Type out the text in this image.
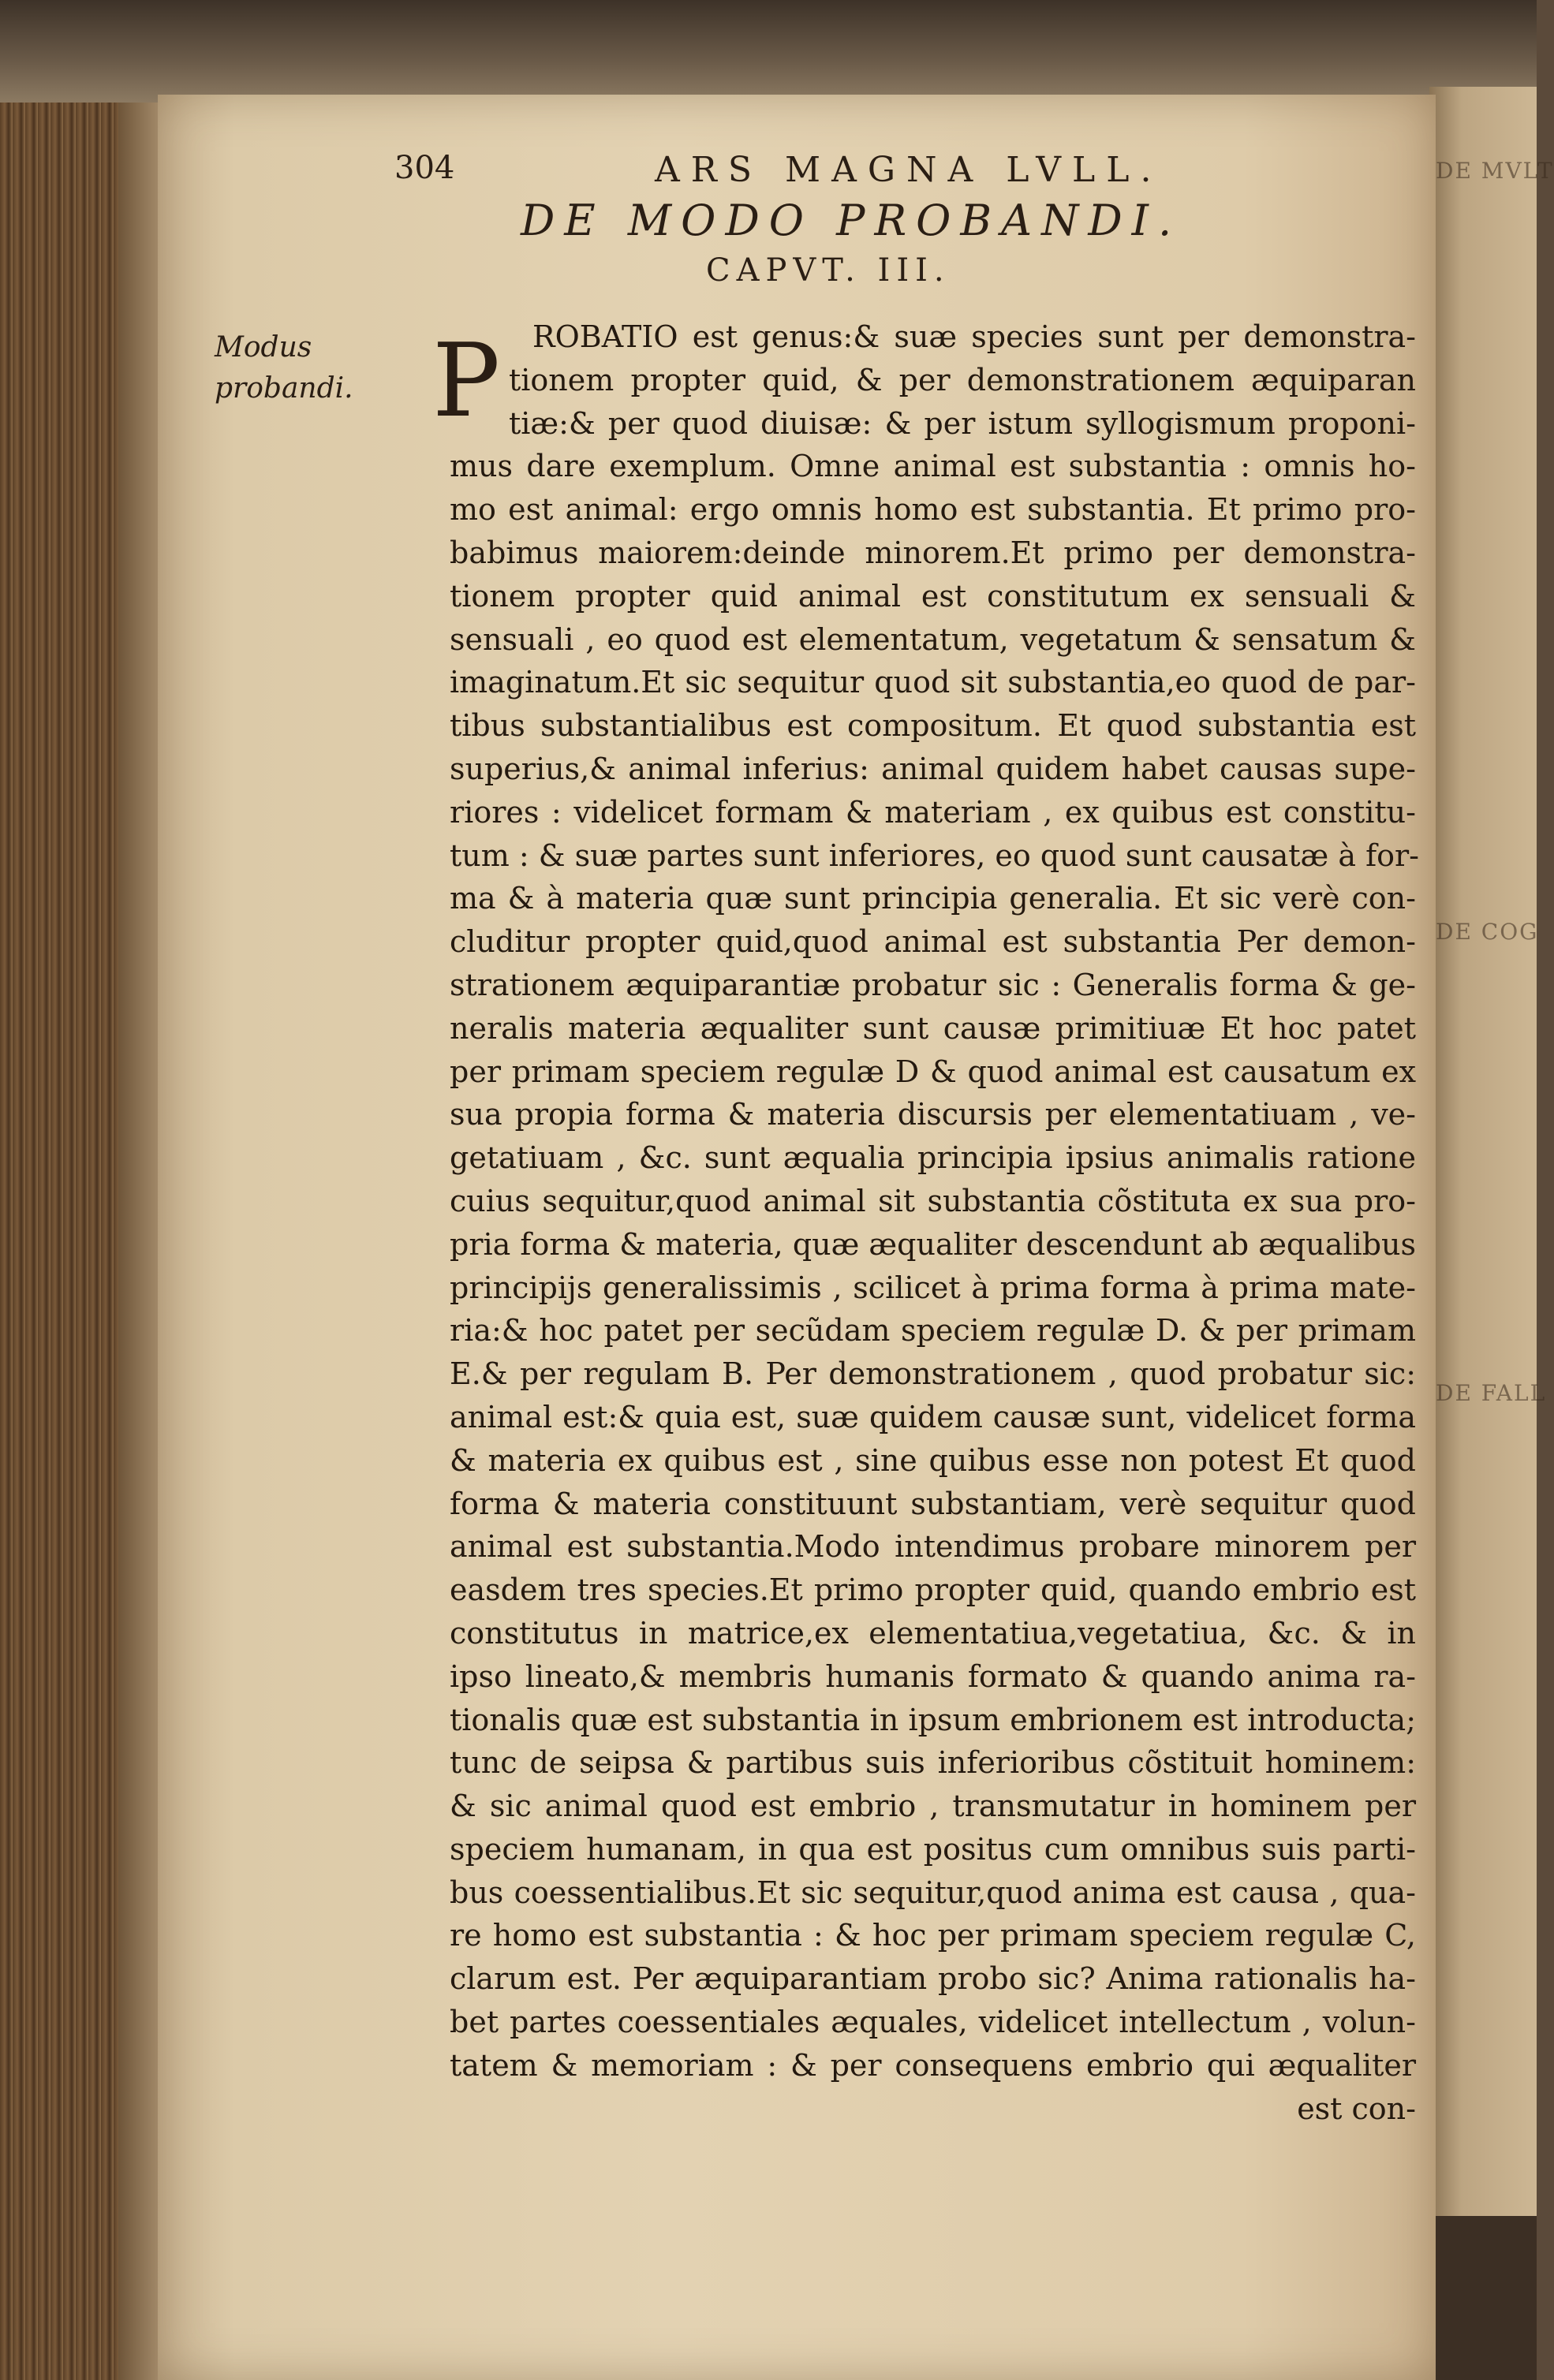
DE MVLT
DE COG
DE FALL
304	ARS MAGNA LVLL.
DE MODO PROBANDI.
CAPVT. III.
Modus probandi. P	ROBATIO est genus:& suæ species sunt per demonstra-
tionem propter quid, & per demonstrationem æquiparan
tiæ:& per quod diuisæ: & per istum syllogismum proponi-
mus dare exemplum. Omne animal est substantia : omnis ho-
mo est animal: ergo omnis homo est substantia. Et primo pro-
babimus maiorem:deinde minorem.Et primo per demonstra-
tionem propter quid animal est constitutum ex sensuali &
sensuali , eo quod est elementatum, vegetatum & sensatum &
imaginatum.Et sic sequitur quod sit substantia,eo quod de par-
tibus substantialibus est compositum. Et quod substantia est
superius,& animal inferius: animal quidem habet causas supe-
riores : videlicet formam & materiam , ex quibus est constitu-
tum : & suæ partes sunt inferiores, eo quod sunt causatæ à for-
ma & à materia quæ sunt principia generalia. Et sic verè con-
cluditur propter quid,quod animal est substantia Per demon-
strationem æquiparantiæ probatur sic : Generalis forma & ge-
neralis materia æqualiter sunt causæ primitiuæ Et hoc patet
per primam speciem regulæ D & quod animal est causatum ex
sua propia forma & materia discursis per elementatiuam , ve-
getatiuam , &c. sunt æqualia principia ipsius animalis ratione
cuius sequitur,quod animal sit substantia cõstituta ex sua pro-
pria forma & materia, quæ æqualiter descendunt ab æqualibus
principijs generalissimis , scilicet à prima forma à prima mate-
ria:& hoc patet per secũdam speciem regulæ D. & per primam
E.& per regulam B. Per demonstrationem , quod probatur sic:
animal est:& quia est, suæ quidem causæ sunt, videlicet forma
& materia ex quibus est , sine quibus esse non potest Et quod
forma & materia constituunt substantiam, verè sequitur quod
animal est substantia.Modo intendimus probare minorem per
easdem tres species.Et primo propter quid, quando embrio est
constitutus in matrice,ex elementatiua,vegetatiua, &c. & in
ipso lineato,& membris humanis formato & quando anima ra-
tionalis quæ est substantia in ipsum embrionem est introducta;
tunc de seipsa & partibus suis inferioribus cõstituit hominem:
& sic animal quod est embrio , transmutatur in hominem per
speciem humanam, in qua est positus cum omnibus suis parti-
bus coessentialibus.Et sic sequitur,quod anima est causa , qua-
re homo est substantia : & hoc per primam speciem regulæ C,
clarum est. Per æquiparantiam probo sic? Anima rationalis ha-
bet partes coessentiales æquales, videlicet intellectum , volun-
tatem & memoriam : & per consequens embrio qui æqualiter
est con-
